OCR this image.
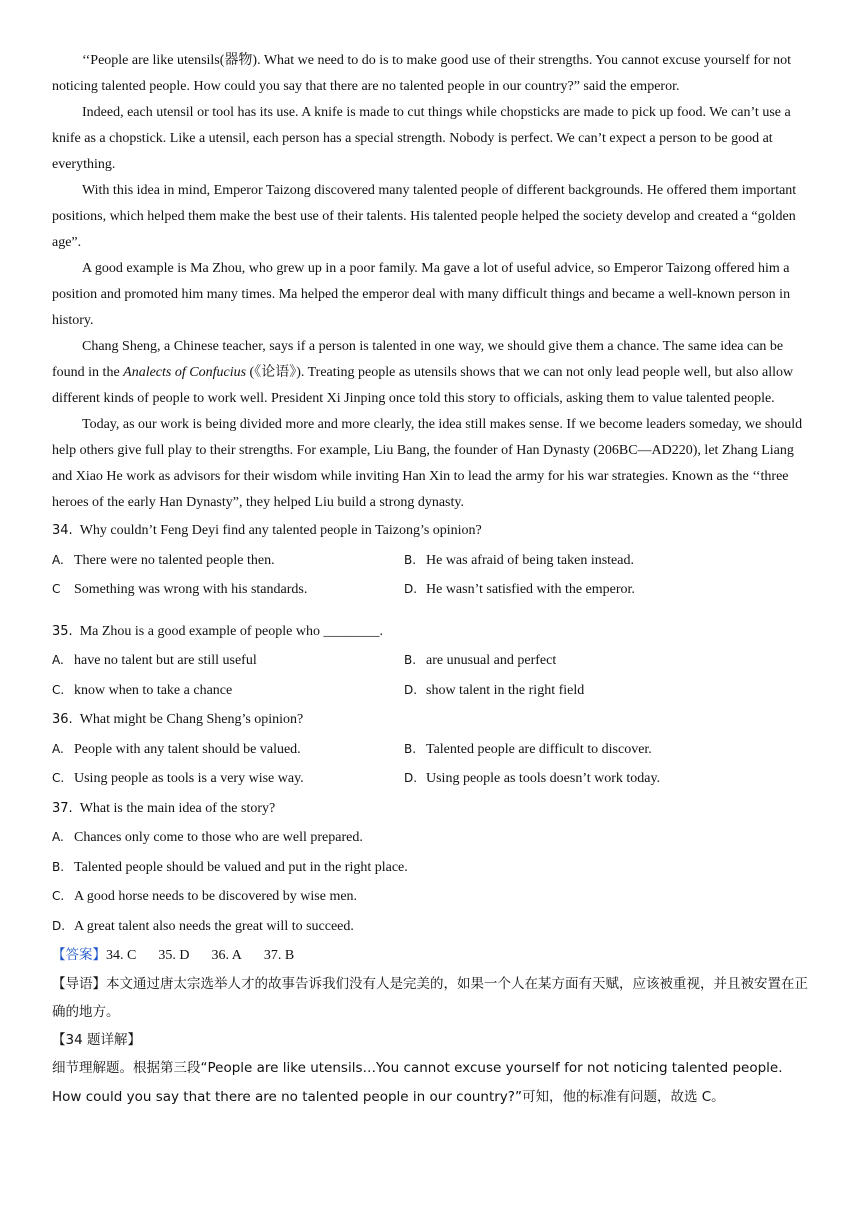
‘‘People are like utensils(器物). What we need to do is to make good use of their strengths. You cannot excuse yourself for not noticing talented people. How could you say that there are no talented people in our country?” said the emperor.

Indeed, each utensil or tool has its use. A knife is made to cut things while chopsticks are made to pick up food. We can’t use a knife as a chopstick. Like a utensil, each person has a special strength. Nobody is perfect. We can’t expect a person to be good at everything.

With this idea in mind, Emperor Taizong discovered many talented people of different backgrounds. He offered them important positions, which helped them make the best use of their talents. His talented people helped the society develop and created a “golden age”.

A good example is Ma Zhou, who grew up in a poor family. Ma gave a lot of useful advice, so Emperor Taizong offered him a position and promoted him many times. Ma helped the emperor deal with many difficult things and became a well-known person in history.

Chang Sheng, a Chinese teacher, says if a person is talented in one way, we should give them a chance. The same idea can be found in the Analects of Confucius (《论语》). Treating people as utensils shows that we can not only lead people well, but also allow different kinds of people to work well. President Xi Jinping once told this story to officials, asking them to value talented people.

Today, as our work is being divided more and more clearly, the idea still makes sense. If we become leaders someday, we should help others give full play to their strengths. For example, Liu Bang, the founder of Han Dynasty (206BC—AD220), let Zhang Liang and Xiao He work as advisors for their wisdom while inviting Han Xin to lead the army for his war strategies. Known as the ‘‘three heroes of the early Han Dynasty”, they helped Liu build a strong dynasty.

34. Why couldn’t Feng Deyi find any talented people in Taizong’s opinion?

A. There were no talented people then.	B. He was afraid of being taken instead.
C Something was wrong with his standards.	D. He wasn’t satisfied with the emperor.

35. Ma Zhou is a good example of people who ________.

A. have no talent but are still useful	B. are unusual and perfect
C. know when to take a chance	D. show talent in the right field

36. What might be Chang Sheng’s opinion?

A. People with any talent should be valued.	B. Talented people are difficult to discover.
C. Using people as tools is a very wise way.	D. Using people as tools doesn’t work today.

37. What is the main idea of the story?

A. Chances only come to those who are well prepared.
B. Talented people should be valued and put in the right place.
C. A good horse needs to be discovered by wise men.
D. A great talent also needs the great will to succeed.

【答案】34. C 35. D 36. A 37. B

【导语】本文通过唐太宗选举人才的故事告诉我们没有人是完美的，如果一个人在某方面有天赋，应该被重视，并且被安置在正确的地方。

【34 题详解】

细节理解题。根据第三段“People are like utensils…You cannot excuse yourself for not noticing talented people. How could you say that there are no talented people in our country?”可知，他的标准有问题，故选 C。
